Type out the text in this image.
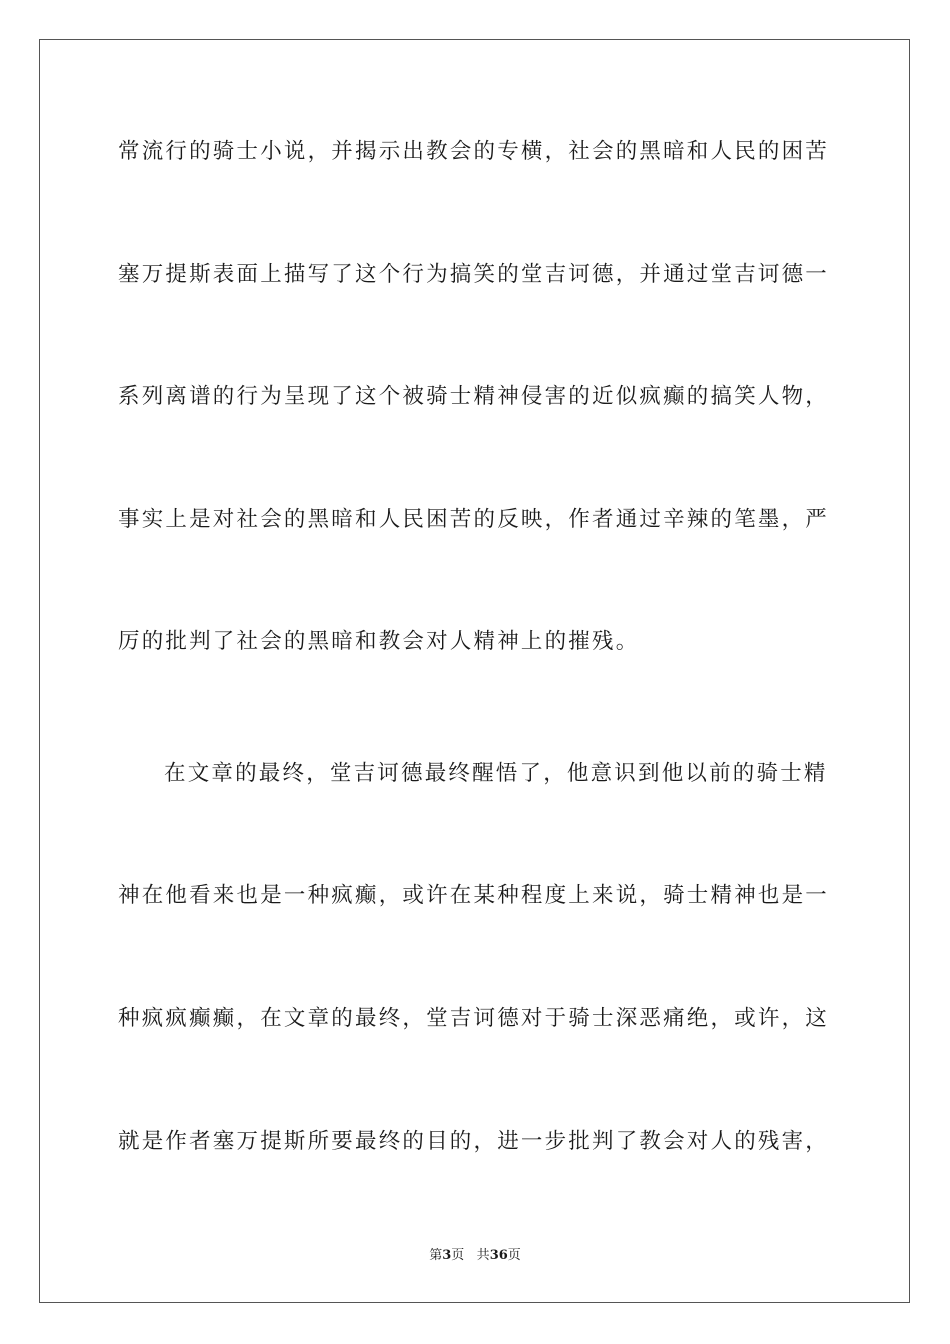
常流行的骑士小说，并揭示出教会的专横，社会的黑暗和人民的困苦
塞万提斯表面上描写了这个行为搞笑的堂吉诃德，并通过堂吉诃德一
系列离谱的行为呈现了这个被骑士精神侵害的近似疯癫的搞笑人物，
事实上是对社会的黑暗和人民困苦的反映，作者通过辛辣的笔墨，严
厉的批判了社会的黑暗和教会对人精神上的摧残。
在文章的最终，堂吉诃德最终醒悟了，他意识到他以前的骑士精
神在他看来也是一种疯癫，或许在某种程度上来说，骑士精神也是一
种疯疯癫癫，在文章的最终，堂吉诃德对于骑士深恶痛绝，或许，这
就是作者塞万提斯所要最终的目的，进一步批判了教会对人的残害，
第3页 共36页
